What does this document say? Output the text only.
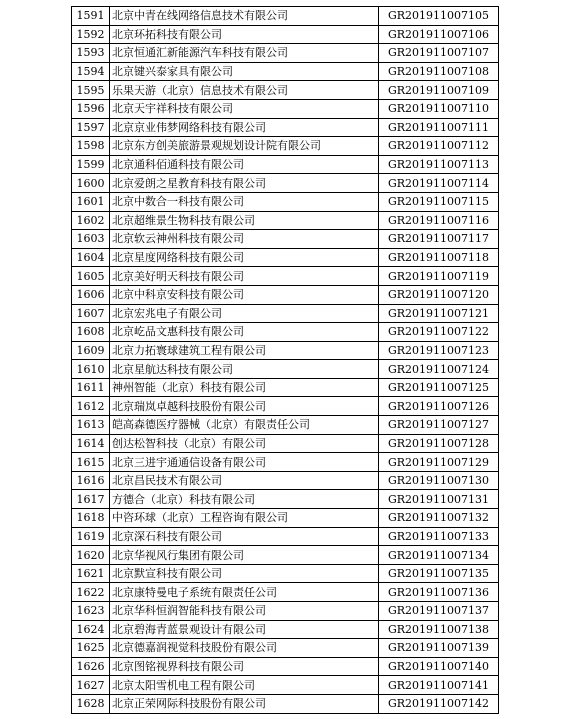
1591	北京中青在线网络信息技术有限公司	GR201911007105
1592	北京环拓科技有限公司	GR201911007106
1593	北京恒通汇新能源汽车科技有限公司	GR201911007107
1594	北京键兴泰家具有限公司	GR201911007108
1595	乐果天游（北京）信息技术有限公司	GR201911007109
1596	北京天宇祥科技有限公司	GR201911007110
1597	北京京业伟梦网络科技有限公司	GR201911007111
1598	北京东方创美旅游景观规划设计院有限公司	GR201911007112
1599	北京通科佰通科技有限公司	GR201911007113
1600	北京爱朗之星教育科技有限公司	GR201911007114
1601	北京中数合一科技有限公司	GR201911007115
1602	北京超维景生物科技有限公司	GR201911007116
1603	北京软云神州科技有限公司	GR201911007117
1604	北京星度网络科技有限公司	GR201911007118
1605	北京美好明天科技有限公司	GR201911007119
1606	北京中科京安科技有限公司	GR201911007120
1607	北京宏兆电子有限公司	GR201911007121
1608	北京屹品文惠科技有限公司	GR201911007122
1609	北京力拓寰球建筑工程有限公司	GR201911007123
1610	北京星航达科技有限公司	GR201911007124
1611	神州智能（北京）科技有限公司	GR201911007125
1612	北京瑞岚卓越科技股份有限公司	GR201911007126
1613	皑高森德医疗器械（北京）有限责任公司	GR201911007127
1614	创达松智科技（北京）有限公司	GR201911007128
1615	北京三进宇通通信设备有限公司	GR201911007129
1616	北京昌民技术有限公司	GR201911007130
1617	方德合（北京）科技有限公司	GR201911007131
1618	中咨环球（北京）工程咨询有限公司	GR201911007132
1619	北京深石科技有限公司	GR201911007133
1620	北京华视风行集团有限公司	GR201911007134
1621	北京默宣科技有限公司	GR201911007135
1622	北京康特曼电子系统有限责任公司	GR201911007136
1623	北京华科恒润智能科技有限公司	GR201911007137
1624	北京碧海青蓝景观设计有限公司	GR201911007138
1625	北京德嘉润视觉科技股份有限公司	GR201911007139
1626	北京图铭视界科技有限公司	GR201911007140
1627	北京太阳雪机电工程有限公司	GR201911007141
1628	北京正荣网际科技股份有限公司	GR201911007142
